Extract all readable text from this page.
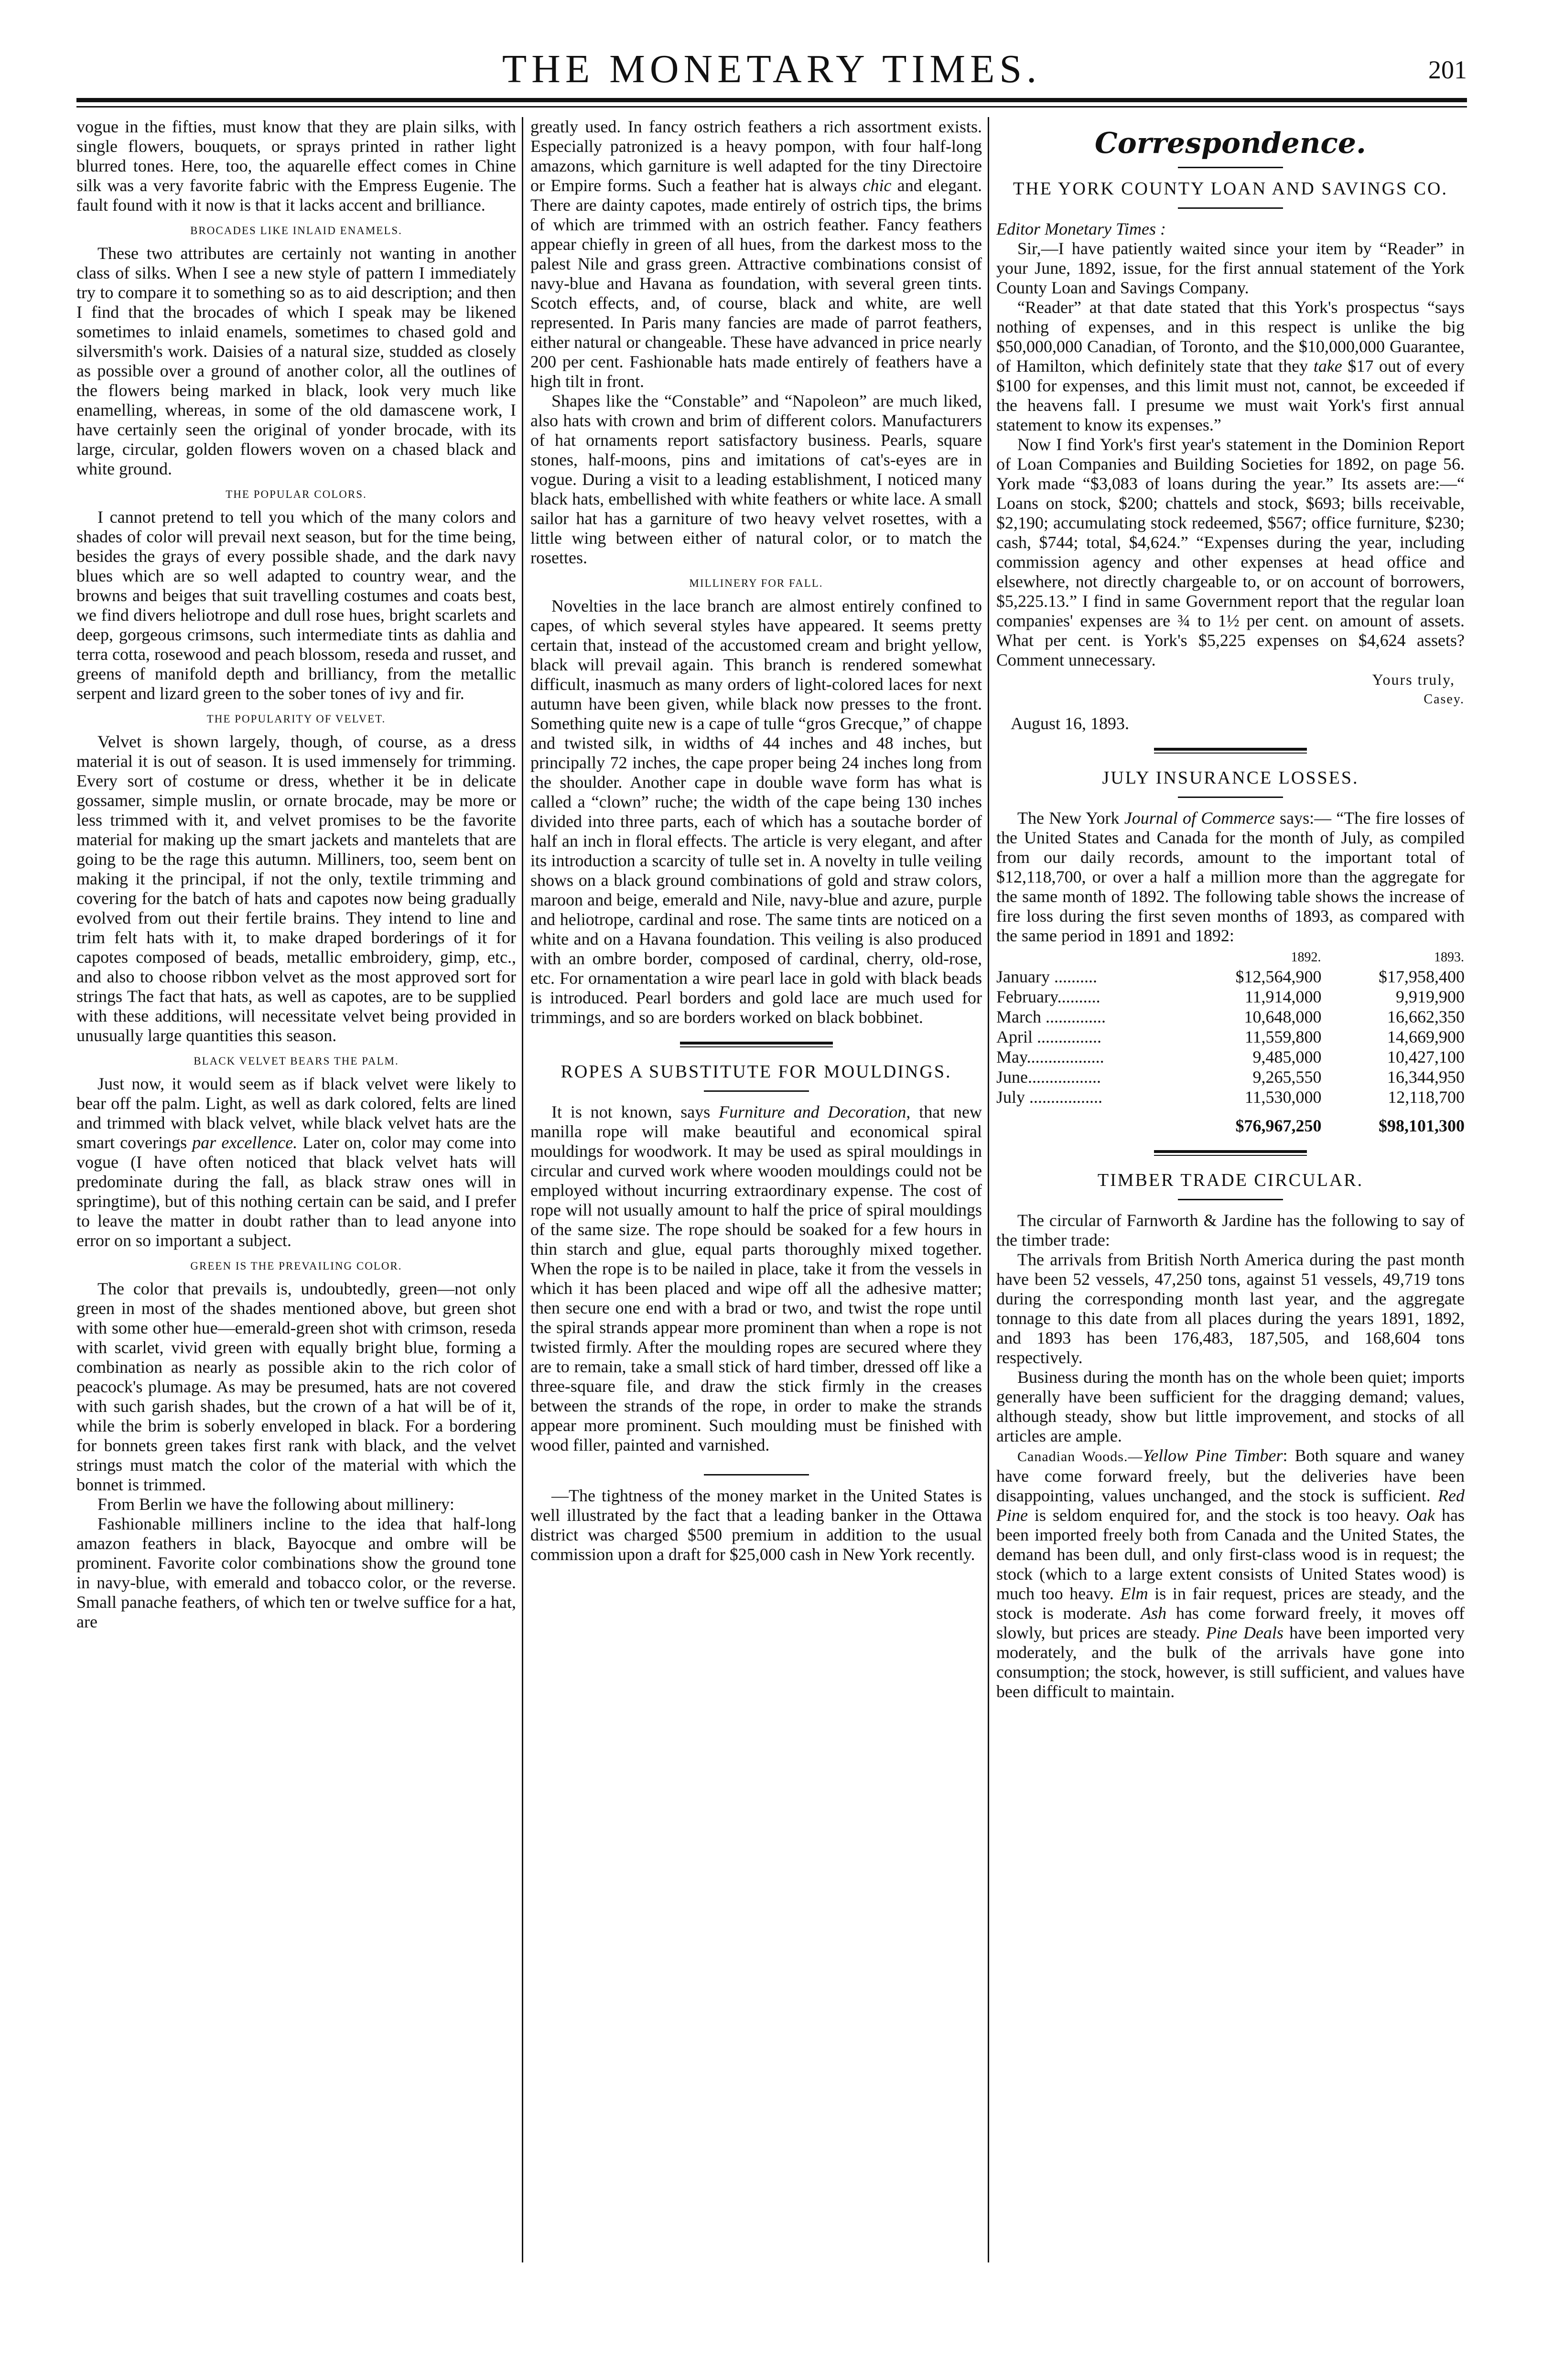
THE MONETARY TIMES.	201

vogue in the fifties, must know that they are plain silks, with single flowers, bouquets, or sprays printed in rather light blurred tones. Here, too, the aquarelle effect comes in Chine silk was a very favorite fabric with the Empress Eugenie. The fault found with it now is that it lacks accent and brilliance.

BROCADES LIKE INLAID ENAMELS.

These two attributes are certainly not wanting in another class of silks. When I see a new style of pattern I immediately try to compare it to something so as to aid description; and then I find that the brocades of which I speak may be likened sometimes to inlaid enamels, sometimes to chased gold and silversmith's work. Daisies of a natural size, studded as closely as possible over a ground of another color, all the outlines of the flowers being marked in black, look very much like enamelling, whereas, in some of the old damascene work, I have certainly seen the original of yonder brocade, with its large, circular, golden flowers woven on a chased black and white ground.

THE POPULAR COLORS.

I cannot pretend to tell you which of the many colors and shades of color will prevail next season, but for the time being, besides the grays of every possible shade, and the dark navy blues which are so well adapted to country wear, and the browns and beiges that suit travelling costumes and coats best, we find divers heliotrope and dull rose hues, bright scarlets and deep, gorgeous crimsons, such intermediate tints as dahlia and terra cotta, rosewood and peach blossom, reseda and russet, and greens of manifold depth and brilliancy, from the metallic serpent and lizard green to the sober tones of ivy and fir.

THE POPULARITY OF VELVET.

Velvet is shown largely, though, of course, as a dress material it is out of season. It is used immensely for trimming. Every sort of costume or dress, whether it be in delicate gossamer, simple muslin, or ornate brocade, may be more or less trimmed with it, and velvet promises to be the favorite material for making up the smart jackets and mantelets that are going to be the rage this autumn. Milliners, too, seem bent on making it the principal, if not the only, textile trimming and covering for the batch of hats and capotes now being gradually evolved from out their fertile brains. They intend to line and trim felt hats with it, to make draped borderings of it for capotes composed of beads, metallic embroidery, gimp, etc., and also to choose ribbon velvet as the most approved sort for strings The fact that hats, as well as capotes, are to be supplied with these additions, will necessitate velvet being provided in unusually large quantities this season.

BLACK VELVET BEARS THE PALM.

Just now, it would seem as if black velvet were likely to bear off the palm. Light, as well as dark colored, felts are lined and trimmed with black velvet, while black velvet hats are the smart coverings par excellence. Later on, color may come into vogue (I have often noticed that black velvet hats will predominate during the fall, as black straw ones will in springtime), but of this nothing certain can be said, and I prefer to leave the matter in doubt rather than to lead anyone into error on so important a subject.

GREEN IS THE PREVAILING COLOR.

The color that prevails is, undoubtedly, green—not only green in most of the shades mentioned above, but green shot with some other hue—emerald-green shot with crimson, reseda with scarlet, vivid green with equally bright blue, forming a combination as nearly as possible akin to the rich color of peacock's plumage. As may be presumed, hats are not covered with such garish shades, but the crown of a hat will be of it, while the brim is soberly enveloped in black. For a bordering for bonnets green takes first rank with black, and the velvet strings must match the color of the material with which the bonnet is trimmed.

From Berlin we have the following about millinery:

Fashionable milliners incline to the idea that half-long amazon feathers in black, Bayocque and ombre will be prominent. Favorite color combinations show the ground tone in navy-blue, with emerald and tobacco color, or the reverse. Small panache feathers, of which ten or twelve suffice for a hat, are

greatly used. In fancy ostrich feathers a rich assortment exists. Especially patronized is a heavy pompon, with four half-long amazons, which garniture is well adapted for the tiny Directoire or Empire forms. Such a feather hat is always chic and elegant. There are dainty capotes, made entirely of ostrich tips, the brims of which are trimmed with an ostrich feather. Fancy feathers appear chiefly in green of all hues, from the darkest moss to the palest Nile and grass green. Attractive combinations consist of navy-blue and Havana as foundation, with several green tints. Scotch effects, and, of course, black and white, are well represented. In Paris many fancies are made of parrot feathers, either natural or changeable. These have advanced in price nearly 200 per cent. Fashionable hats made entirely of feathers have a high tilt in front.

Shapes like the “Constable” and “Napoleon” are much liked, also hats with crown and brim of different colors. Manufacturers of hat ornaments report satisfactory business. Pearls, square stones, half-moons, pins and imitations of cat's-eyes are in vogue. During a visit to a leading establishment, I noticed many black hats, embellished with white feathers or white lace. A small sailor hat has a garniture of two heavy velvet rosettes, with a little wing between either of natural color, or to match the rosettes.

MILLINERY FOR FALL.

Novelties in the lace branch are almost entirely confined to capes, of which several styles have appeared. It seems pretty certain that, instead of the accustomed cream and bright yellow, black will prevail again. This branch is rendered somewhat difficult, inasmuch as many orders of light-colored laces for next autumn have been given, while black now presses to the front. Something quite new is a cape of tulle “gros Grecque,” of chappe and twisted silk, in widths of 44 inches and 48 inches, but principally 72 inches, the cape proper being 24 inches long from the shoulder. Another cape in double wave form has what is called a “clown” ruche; the width of the cape being 130 inches divided into three parts, each of which has a soutache border of half an inch in floral effects. The article is very elegant, and after its introduction a scarcity of tulle set in. A novelty in tulle veiling shows on a black ground combinations of gold and straw colors, maroon and beige, emerald and Nile, navy-blue and azure, purple and heliotrope, cardinal and rose. The same tints are noticed on a white and on a Havana foundation. This veiling is also produced with an ombre border, composed of cardinal, cherry, old-rose, etc. For ornamentation a wire pearl lace in gold with black beads is introduced. Pearl borders and gold lace are much used for trimmings, and so are borders worked on black bobbinet.

ROPES A SUBSTITUTE FOR MOULDINGS.

It is not known, says Furniture and Decoration, that new manilla rope will make beautiful and economical spiral mouldings for woodwork. It may be used as spiral mouldings in circular and curved work where wooden mouldings could not be employed without incurring extraordinary expense. The cost of rope will not usually amount to half the price of spiral mouldings of the same size. The rope should be soaked for a few hours in thin starch and glue, equal parts thoroughly mixed together. When the rope is to be nailed in place, take it from the vessels in which it has been placed and wipe off all the adhesive matter; then secure one end with a brad or two, and twist the rope until the spiral strands appear more prominent than when a rope is not twisted firmly. After the moulding ropes are secured where they are to remain, take a small stick of hard timber, dressed off like a three-square file, and draw the stick firmly in the creases between the strands of the rope, in order to make the strands appear more prominent. Such moulding must be finished with wood filler, painted and varnished.

—The tightness of the money market in the United States is well illustrated by the fact that a leading banker in the Ottawa district was charged $500 premium in addition to the usual commission upon a draft for $25,000 cash in New York recently.

Correspondence.
THE YORK COUNTY LOAN AND SAVINGS CO.

Editor Monetary Times :

Sir,—I have patiently waited since your item by “Reader” in your June, 1892, issue, for the first annual statement of the York County Loan and Savings Company.

“Reader” at that date stated that this York's prospectus “says nothing of expenses, and in this respect is unlike the big $50,000,000 Canadian, of Toronto, and the $10,000,000 Guarantee, of Hamilton, which definitely state that they take $17 out of every $100 for expenses, and this limit must not, cannot, be exceeded if the heavens fall. I presume we must wait York's first annual statement to know its expenses.”

Now I find York's first year's statement in the Dominion Report of Loan Companies and Building Societies for 1892, on page 56. York made “$3,083 of loans during the year.” Its assets are:—“ Loans on stock, $200; chattels and stock, $693; bills receivable, $2,190; accumulating stock redeemed, $567; office furniture, $230; cash, $744; total, $4,624.” “Expenses during the year, including commission agency and other expenses at head office and elsewhere, not directly chargeable to, or on account of borrowers, $5,225.13.” I find in same Government report that the regular loan companies' expenses are ¾ to 1½ per cent. on amount of assets. What per cent. is York's $5,225 expenses on $4,624 assets? Comment unnecessary.

Yours truly,
Casey.
August 16, 1893.
JULY INSURANCE LOSSES.

The New York Journal of Commerce says:— “The fire losses of the United States and Canada for the month of July, as compiled from our daily records, amount to the important total of $12,118,700, or over a half a million more than the aggregate for the same month of 1892. The following table shows the increase of fire loss during the first seven months of 1893, as compared with the same period in 1891 and 1892:

	1892.	1893.
January ..........	$12,564,900	$17,958,400
February..........	11,914,000	9,919,900
March ..............	10,648,000	16,662,350
April ...............	11,559,800	14,669,900
May..................	9,485,000	10,427,100
June.................	9,265,550	16,344,950
July .................	11,530,000	12,118,700
	$76,967,250	$98,101,300
TIMBER TRADE CIRCULAR.

The circular of Farnworth & Jardine has the following to say of the timber trade:

The arrivals from British North America during the past month have been 52 vessels, 47,250 tons, against 51 vessels, 49,719 tons during the corresponding month last year, and the aggregate tonnage to this date from all places during the years 1891, 1892, and 1893 has been 176,483, 187,505, and 168,604 tons respectively.

Business during the month has on the whole been quiet; imports generally have been sufficient for the dragging demand; values, although steady, show but little improvement, and stocks of all articles are ample.

Canadian Woods.—Yellow Pine Timber: Both square and waney have come forward freely, but the deliveries have been disappointing, values unchanged, and the stock is sufficient. Red Pine is seldom enquired for, and the stock is too heavy. Oak has been imported freely both from Canada and the United States, the demand has been dull, and only first-class wood is in request; the stock (which to a large extent consists of United States wood) is much too heavy. Elm is in fair request, prices are steady, and the stock is moderate. Ash has come forward freely, it moves off slowly, but prices are steady. Pine Deals have been imported very moderately, and the bulk of the arrivals have gone into consumption; the stock, however, is still sufficient, and values have been difficult to maintain.
